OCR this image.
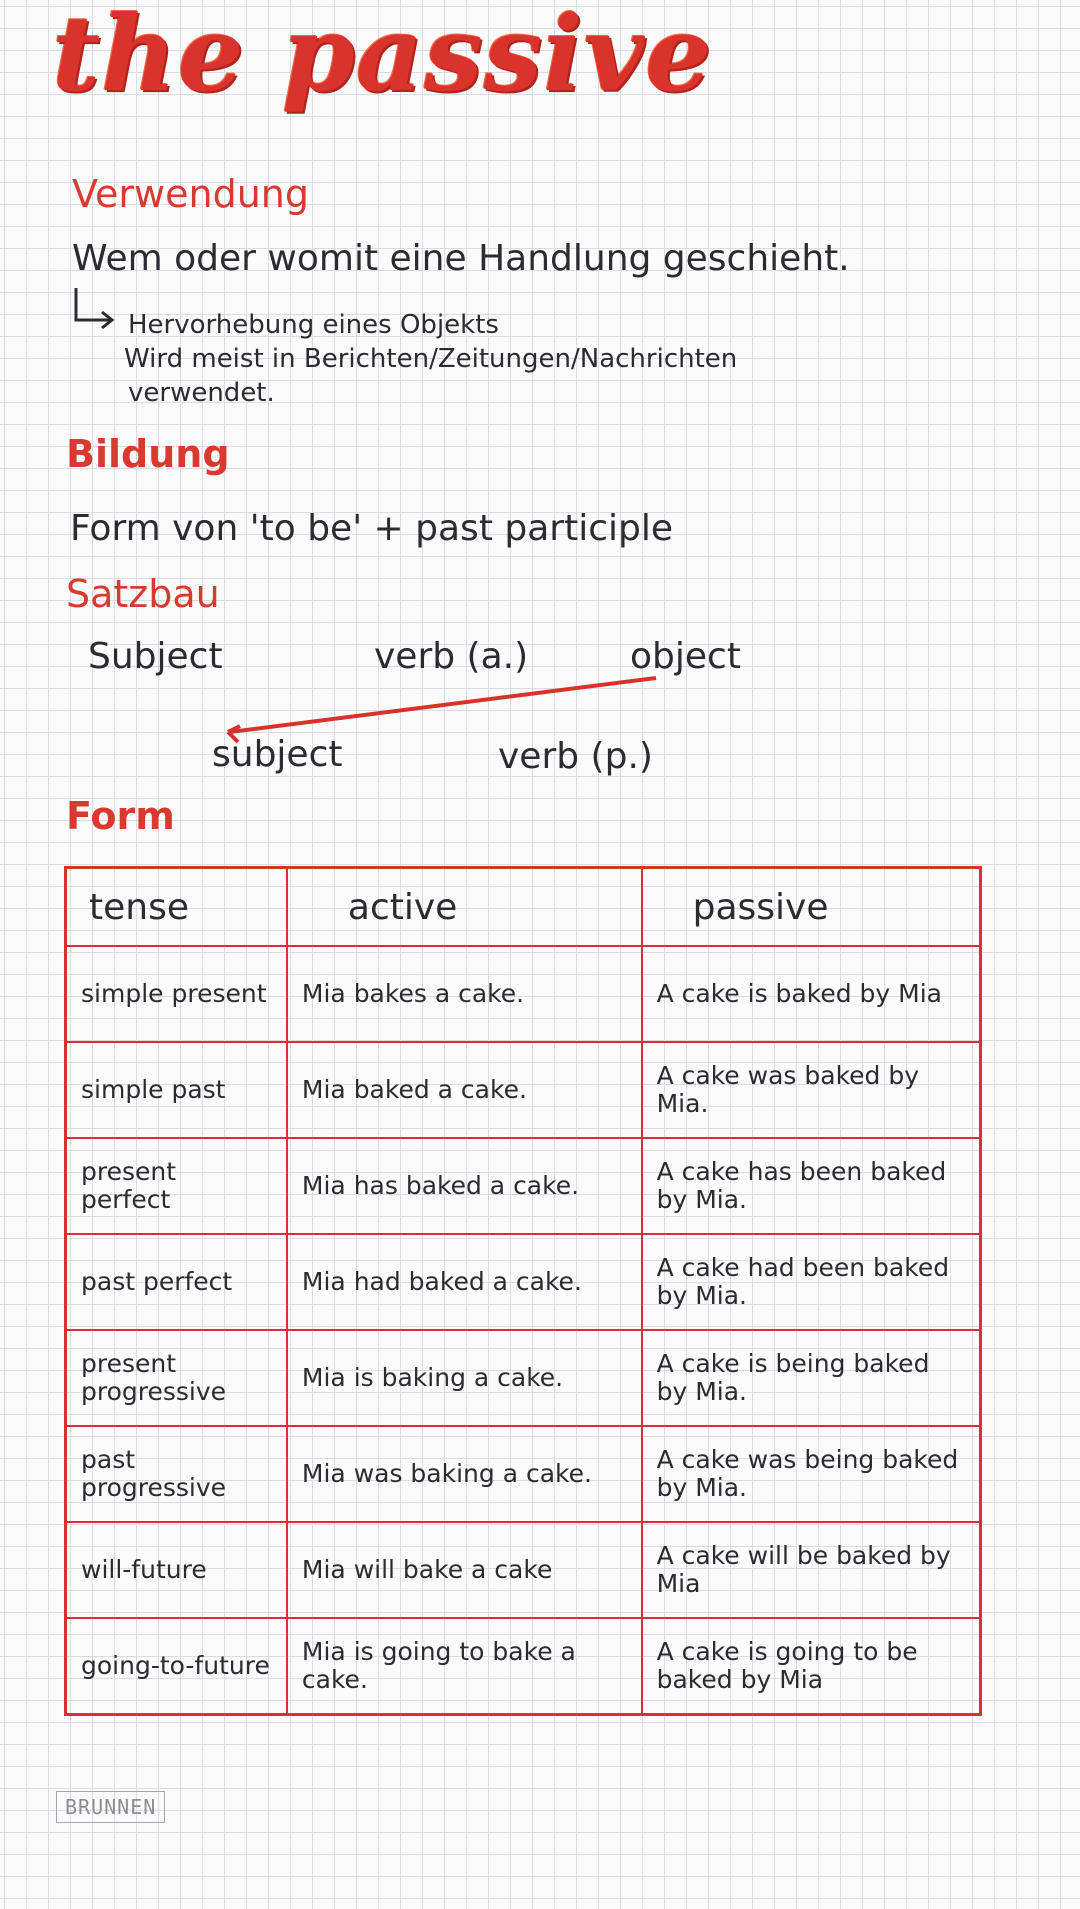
the passive
Verwendung
Wem oder womit eine Handlung geschieht.
Hervorhebung eines Objekts
Wird meist in Berichten/Zeitungen/Nachrichten
verwendet.
Bildung
Form von 'to be' + past participle
Satzbau
Subject	verb (a.)	object
subject	verb (p.)
Form
tense	active	passive
simple present	Mia bakes a cake.	A cake is baked by Mia
simple past	Mia baked a cake.	A cake was baked by Mia.
present perfect	Mia has baked a cake.	A cake has been baked by Mia.
past perfect	Mia had baked a cake.	A cake had been baked by Mia.
present progressive	Mia is baking a cake.	A cake is being baked by Mia.
past progressive	Mia was baking a cake.	A cake was being baked by Mia.
will-future	Mia will bake a cake	A cake will be baked by Mia
going-to-future	Mia is going to bake a cake.	A cake is going to be baked by Mia
BRUNNEN
